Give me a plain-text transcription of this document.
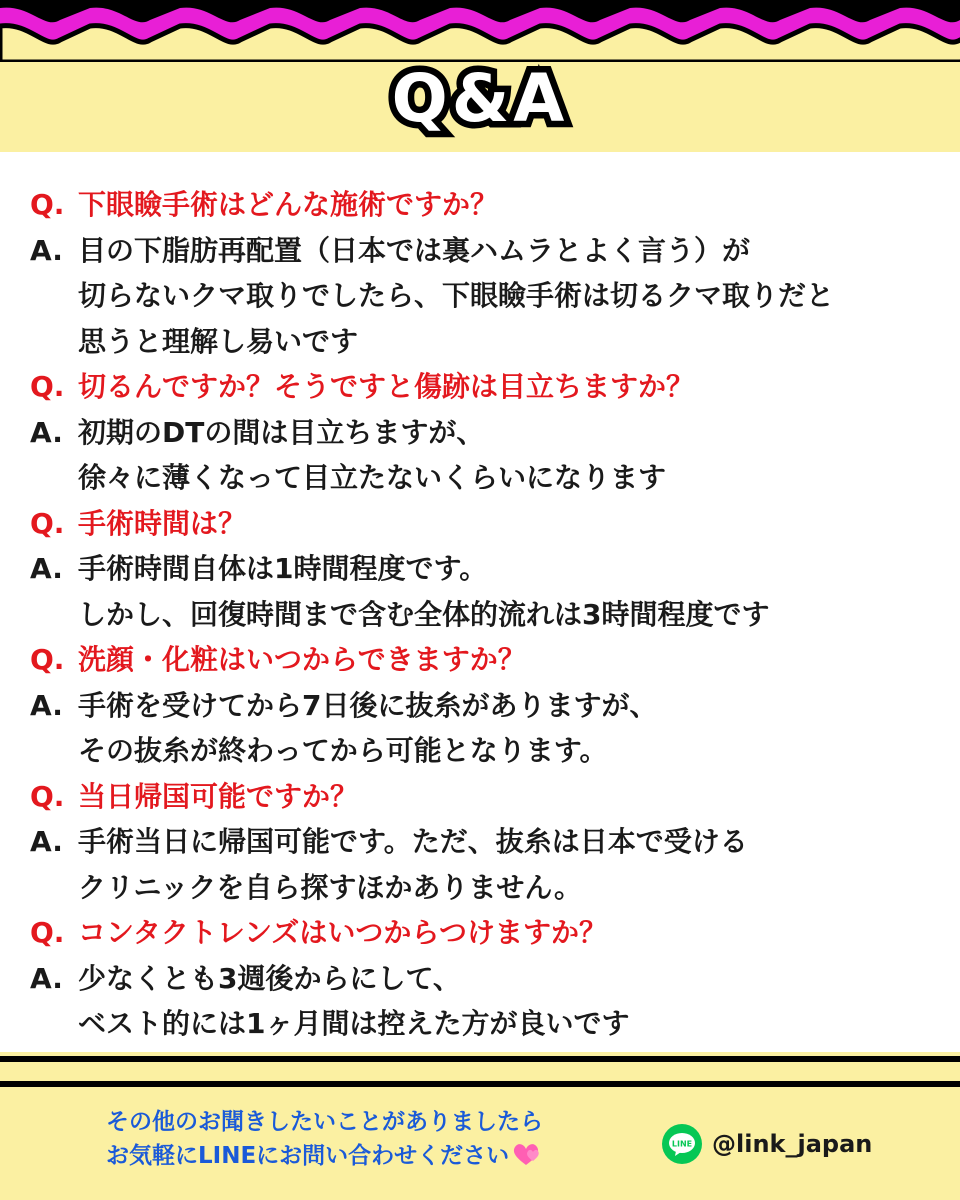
Q&A
Q. 下眼瞼手術はどんな施術ですか？
A. 目の下脂肪再配置（日本では裏ハムラとよく言う）が
切らないクマ取りでしたら、下眼瞼手術は切るクマ取りだと
思うと理解し易いです
Q. 切るんですか？そうですと傷跡は目立ちますか？
A. 初期のDTの間は目立ちますが、
徐々に薄くなって目立たないくらいになります
Q. 手術時間は？
A. 手術時間自体は1時間程度です。
しかし、回復時間まで含む全体的流れは3時間程度です
Q. 洗顔・化粧はいつからできますか？
A. 手術を受けてから7日後に抜糸がありますが、
その抜糸が終わってから可能となります。
Q. 当日帰国可能ですか？
A. 手術当日に帰国可能です。ただ、抜糸は日本で受ける
クリニックを自ら探すほかありません。
Q. コンタクトレンズはいつからつけますか？
A. 少なくとも3週後からにして、
ベスト的には1ヶ月間は控えた方が良いです
その他のお聞きしたいことがありましたら
お気軽にLINEにお問い合わせください	LINE @link_japan
